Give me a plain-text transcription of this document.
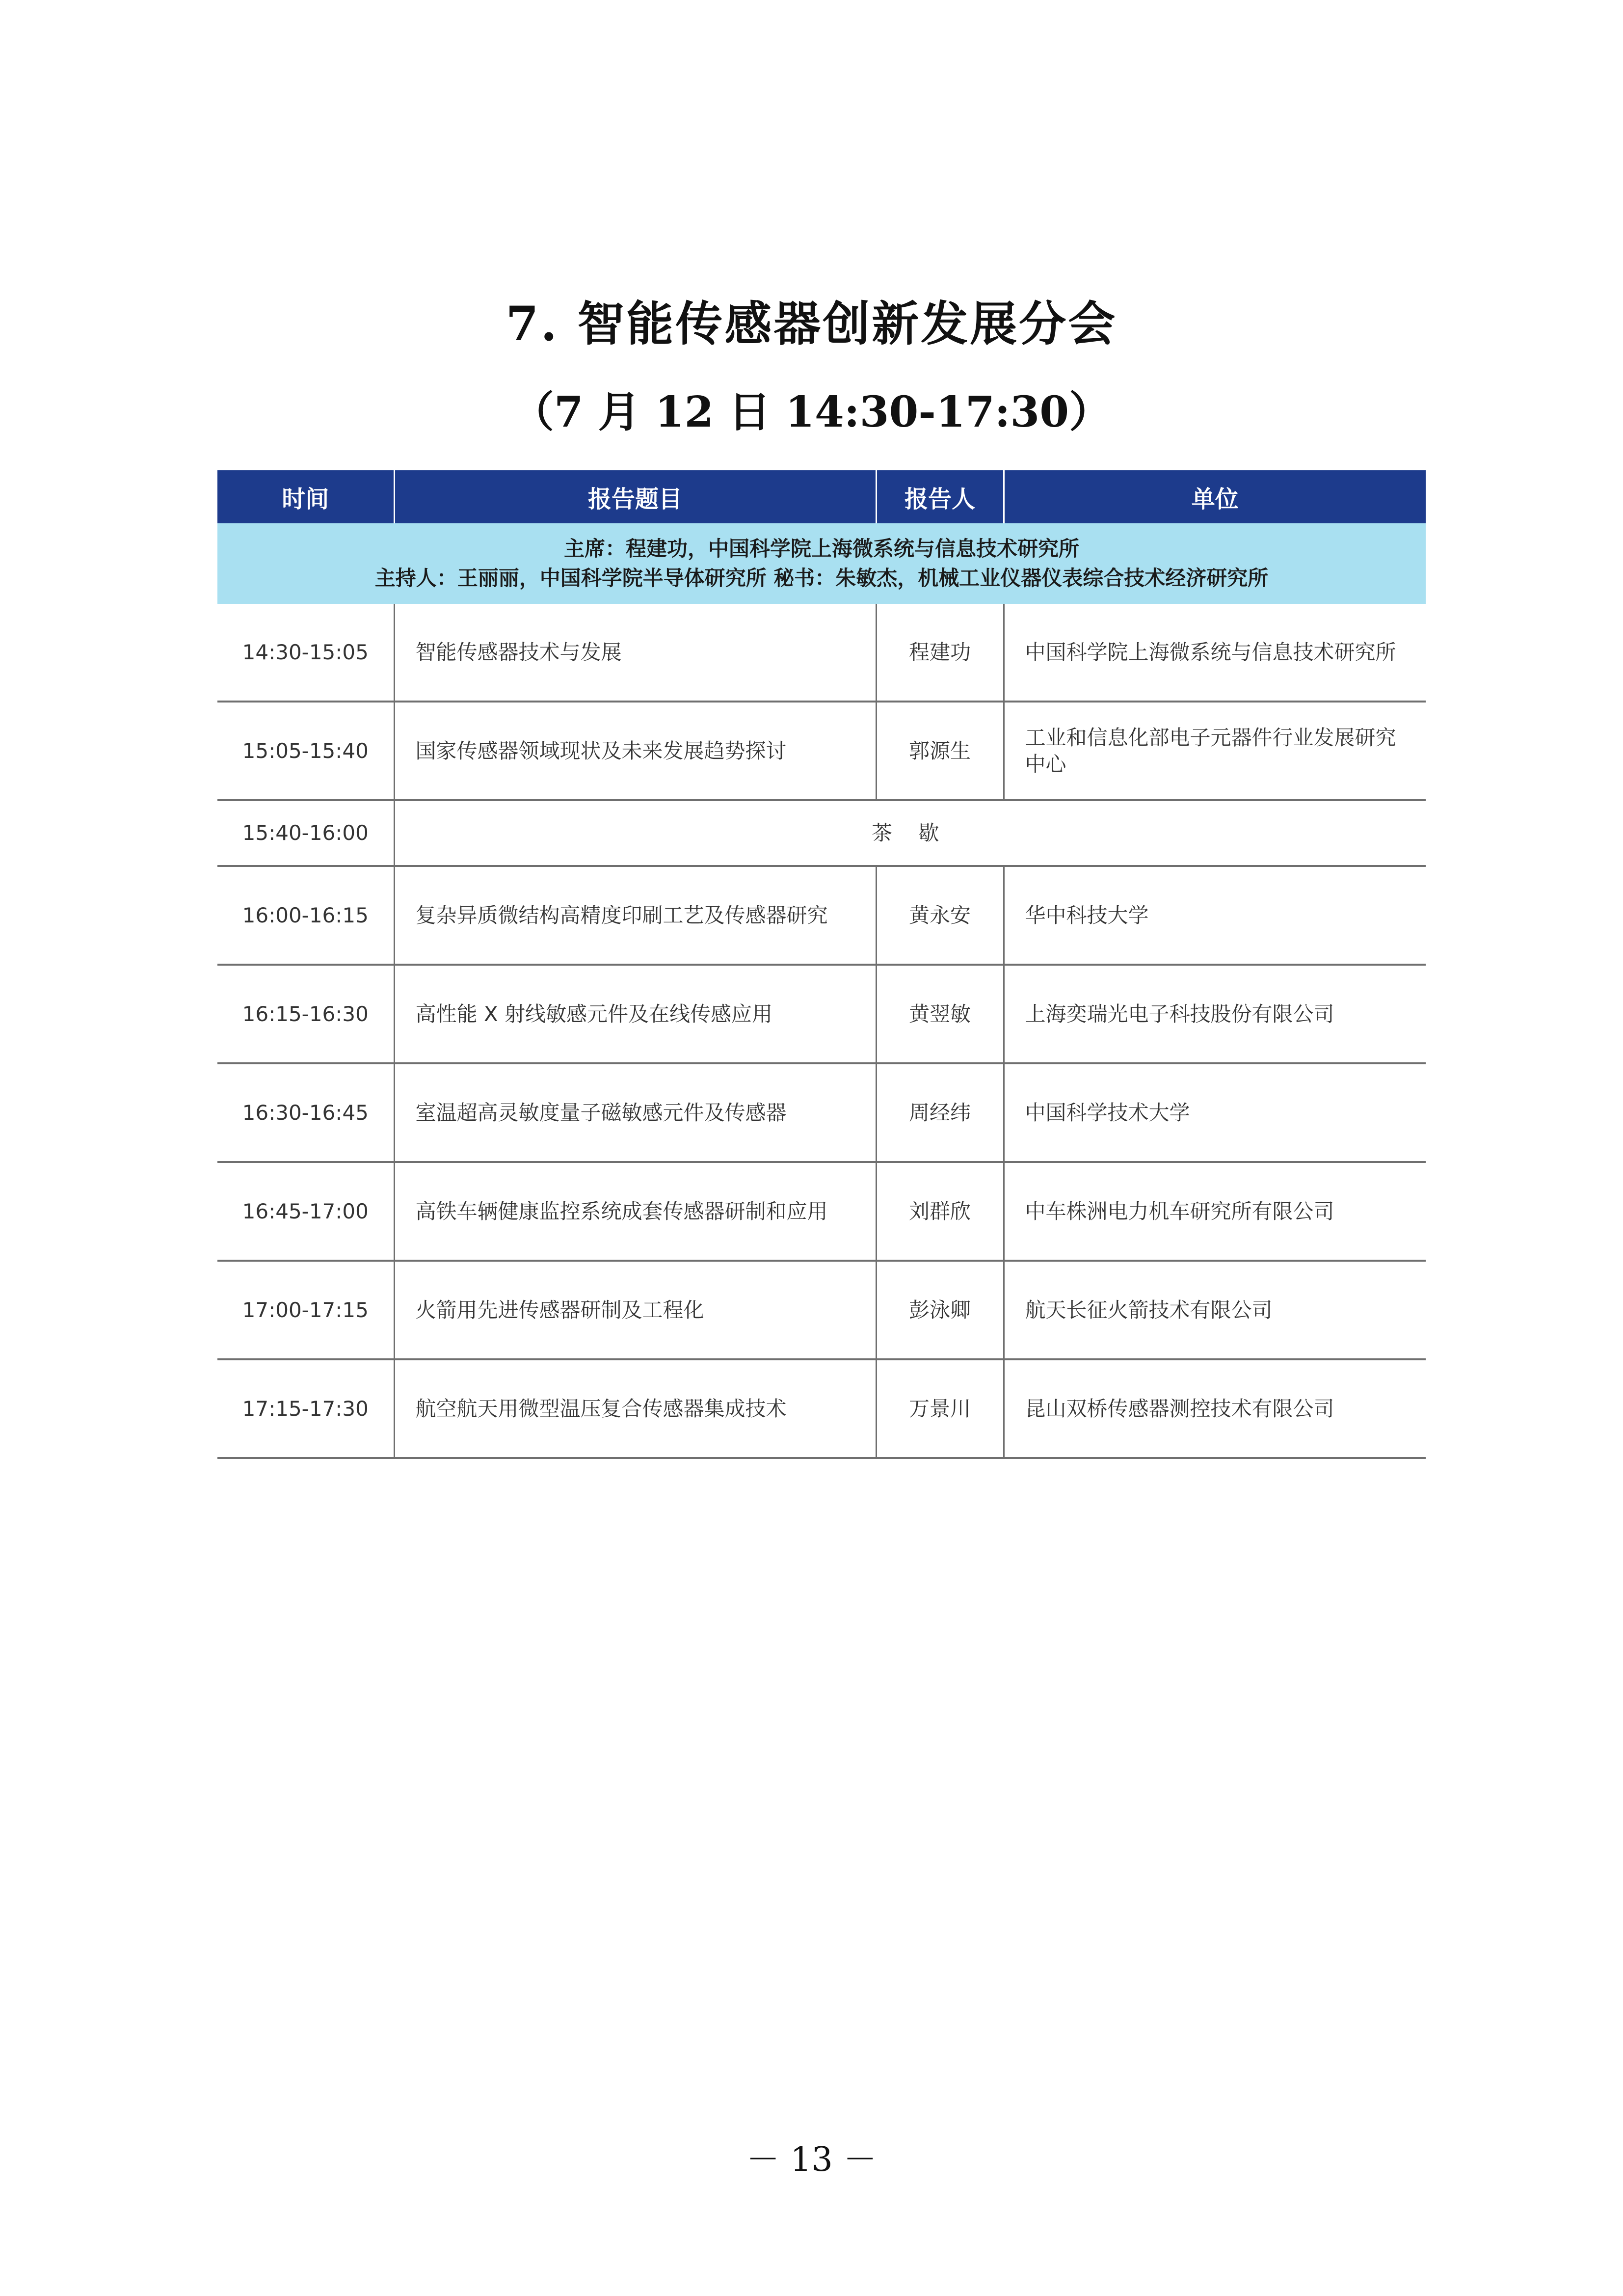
7. 智能传感器创新发展分会
（7 月 12 日 14:30-17:30）
时间	报告题目	报告人	单位

主席：程建功，中国科学院上海微系统与信息技术研究所
主持人：王丽丽，中国科学院半导体研究所 秘书：朱敏杰，机械工业仪器仪表综合技术经济研究所			

14:30-15:05	智能传感器技术与发展	程建功	中国科学院上海微系统与信息技术研究所
15:05-15:40	国家传感器领域现状及未来发展趋势探讨	郭源生	工业和信息化部电子元器件行业发展研究中心
15:40-16:00	茶 歇		
16:00-16:15	复杂异质微结构高精度印刷工艺及传感器研究	黄永安	华中科技大学
16:15-16:30	高性能 X 射线敏感元件及在线传感应用	黄翌敏	上海奕瑞光电子科技股份有限公司
16:30-16:45	室温超高灵敏度量子磁敏感元件及传感器	周经纬	中国科学技术大学
16:45-17:00	高铁车辆健康监控系统成套传感器研制和应用	刘群欣	中车株洲电力机车研究所有限公司
17:00-17:15	火箭用先进传感器研制及工程化	彭泳卿	航天长征火箭技术有限公司
17:15-17:30	航空航天用微型温压复合传感器集成技术	万景川	昆山双桥传感器测控技术有限公司
－ 13 －
